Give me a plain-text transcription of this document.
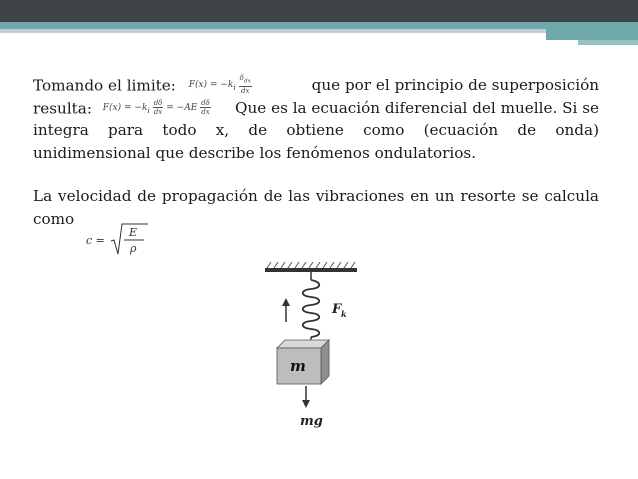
Tomando el limite: $F(x) = -k_i \frac{\delta_{dx}}{dx}$	que por el principio de superposición
resulta: $F(x) = -k_i \frac{d\delta}{dx} = -AE \frac{d\delta}{dx}$ Que es la ecuación diferencial del muelle. Si se
integra para todo x, de obtiene como (ecuación de onda)
unidimensional que describe los fenómenos ondulatorios.
La velocidad de propagación de las vibraciones en un resorte se calcula
como
c =
E
ρ
F k
m
mg
